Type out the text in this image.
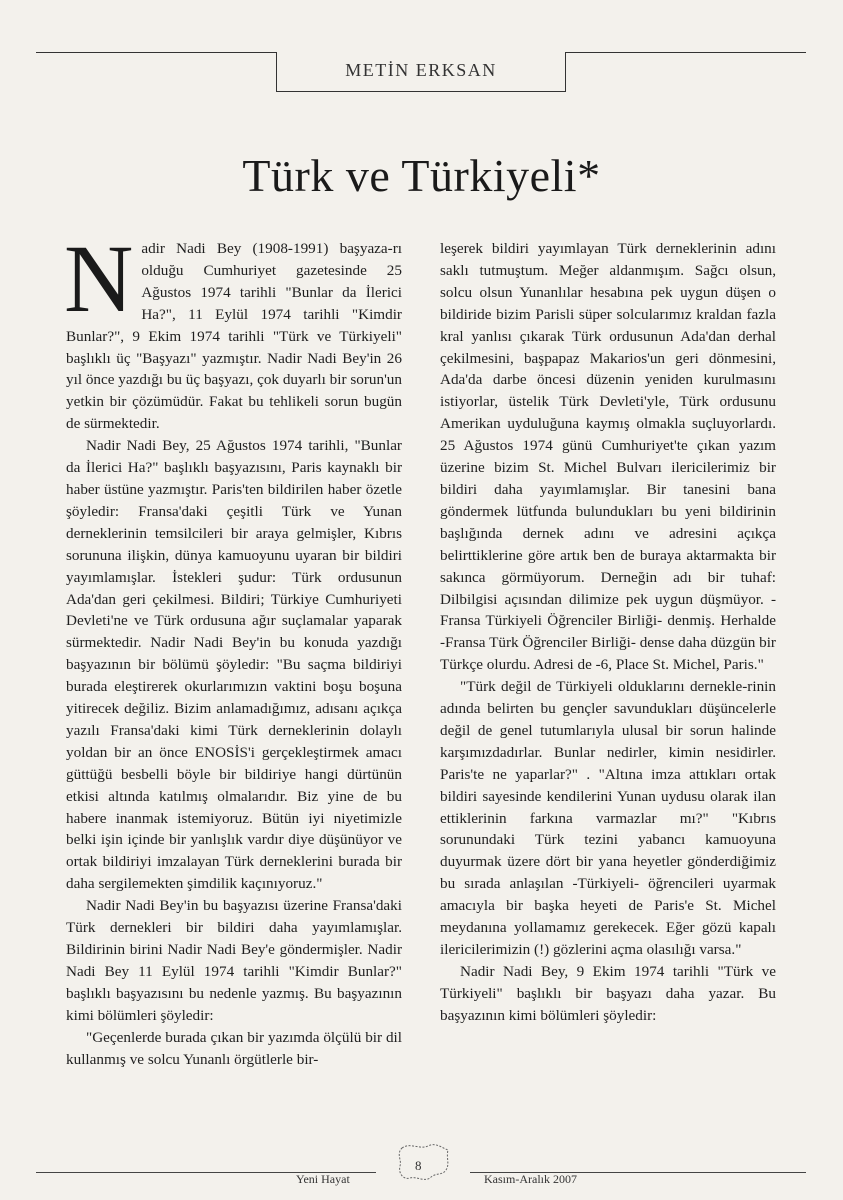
METİN ERKSAN
Türk ve Türkiyeli*

Nadir Nadi Bey (1908-1991) başyaza-rı olduğu Cumhuriyet gazetesinde 25 Ağustos 1974 tarihli "Bunlar da İlerici Ha?", 11 Eylül 1974 tarihli "Kimdir Bunlar?", 9 Ekim 1974 tarihli "Türk ve Türkiyeli" başlıklı üç "Başyazı" yazmıştır. Nadir Nadi Bey'in 26 yıl önce yazdığı bu üç başyazı, çok duyarlı bir sorun'un yetkin bir çözümüdür. Fakat bu tehlikeli sorun bugün de sürmektedir.

Nadir Nadi Bey, 25 Ağustos 1974 tarihli, "Bunlar da İlerici Ha?" başlıklı başyazısını, Paris kaynaklı bir haber üstüne yazmıştır. Paris'ten bildirilen haber özetle şöyledir: Fransa'daki çeşitli Türk ve Yunan derneklerinin temsilcileri bir araya gelmişler, Kıbrıs sorununa ilişkin, dünya kamuoyunu uyaran bir bildiri yayımlamışlar. İstekleri şudur: Türk ordusunun Ada'dan geri çekilmesi. Bildiri; Türkiye Cumhuriyeti Devleti'ne ve Türk ordusuna ağır suçlamalar yaparak sürmektedir. Nadir Nadi Bey'in bu konuda yazdığı başyazının bir bölümü şöyledir: "Bu saçma bildiriyi burada eleştirerek okurlarımızın vaktini boşu boşuna yitirecek değiliz. Bizim anlamadığımız, adısanı açıkça yazılı Fransa'daki kimi Türk derneklerinin dolaylı yoldan bir an önce ENOSİS'i gerçekleştirmek amacı güttüğü besbelli böyle bir bildiriye hangi dürtünün etkisi altında katılmış olmalarıdır. Biz yine de bu habere inanmak istemiyoruz. Bütün iyi niyetimizle belki işin içinde bir yanlışlık vardır diye düşünüyor ve ortak bildiriyi imzalayan Türk derneklerini burada bir daha sergilemekten şimdilik kaçınıyoruz."

Nadir Nadi Bey'in bu başyazısı üzerine Fransa'daki Türk dernekleri bir bildiri daha yayımlamışlar. Bildirinin birini Nadir Nadi Bey'e göndermişler. Nadir Nadi Bey 11 Eylül 1974 tarihli "Kimdir Bunlar?" başlıklı başyazısını bu nedenle yazmış. Bu başyazının kimi bölümleri şöyledir:

"Geçenlerde burada çıkan bir yazımda ölçülü bir dil kullanmış ve solcu Yunanlı örgütlerle bir-

leşerek bildiri yayımlayan Türk derneklerinin adını saklı tutmuştum. Meğer aldanmışım. Sağcı olsun, solcu olsun Yunanlılar hesabına pek uygun düşen o bildiride bizim Parisli süper solcularımız kraldan fazla kral yanlısı çıkarak Türk ordusunun Ada'dan derhal çekilmesini, başpapaz Makarios'un geri dönmesini, Ada'da darbe öncesi düzenin yeniden kurulmasını istiyorlar, üstelik Türk Devleti'yle, Türk ordusunu Amerikan uyduluğuna kaymış olmakla suçluyorlardı. 25 Ağustos 1974 günü Cumhuriyet'te çıkan yazım üzerine bizim St. Michel Bulvarı ilericilerimiz bir bildiri daha yayımlamışlar. Bir tanesini bana göndermek lütfunda bulundukları bu yeni bildirinin başlığında dernek adını ve adresini açıkça belirttiklerine göre artık ben de buraya aktarmakta bir sakınca görmüyorum. Derneğin adı bir tuhaf: Dilbilgisi açısından dilimize pek uygun düşmüyor. -Fransa Türkiyeli Öğrenciler Birliği- denmiş. Herhalde -Fransa Türk Öğrenciler Birliği- dense daha düzgün bir Türkçe olurdu. Adresi de -6, Place St. Michel, Paris."

"Türk değil de Türkiyeli olduklarını dernekle-rinin adında belirten bu gençler savundukları düşüncelerle değil de genel tutumlarıyla ulusal bir sorun halinde karşımızdadırlar. Bunlar nedirler, kimin nesidirler. Paris'te ne yaparlar?" . "Altına imza attıkları ortak bildiri sayesinde kendilerini Yunan uydusu olarak ilan ettiklerinin farkına varmazlar mı?" "Kıbrıs sorunundaki Türk tezini yabancı kamuoyuna duyurmak üzere dört bir yana heyetler gönderdiğimiz bu sırada anlaşılan -Türkiyeli- öğrencileri uyarmak amacıyla bir başka heyeti de Paris'e St. Michel meydanına yollamamız gerekecek. Eğer gözü kapalı ilericilerimizin (!) gözlerini açma olasılığı varsa."

Nadir Nadi Bey, 9 Ekim 1974 tarihli "Türk ve Türkiyeli" başlıklı bir başyazı daha yazar. Bu başyazının kimi bölümleri şöyledir:

8
Yeni Hayat	Kasım-Aralık 2007
